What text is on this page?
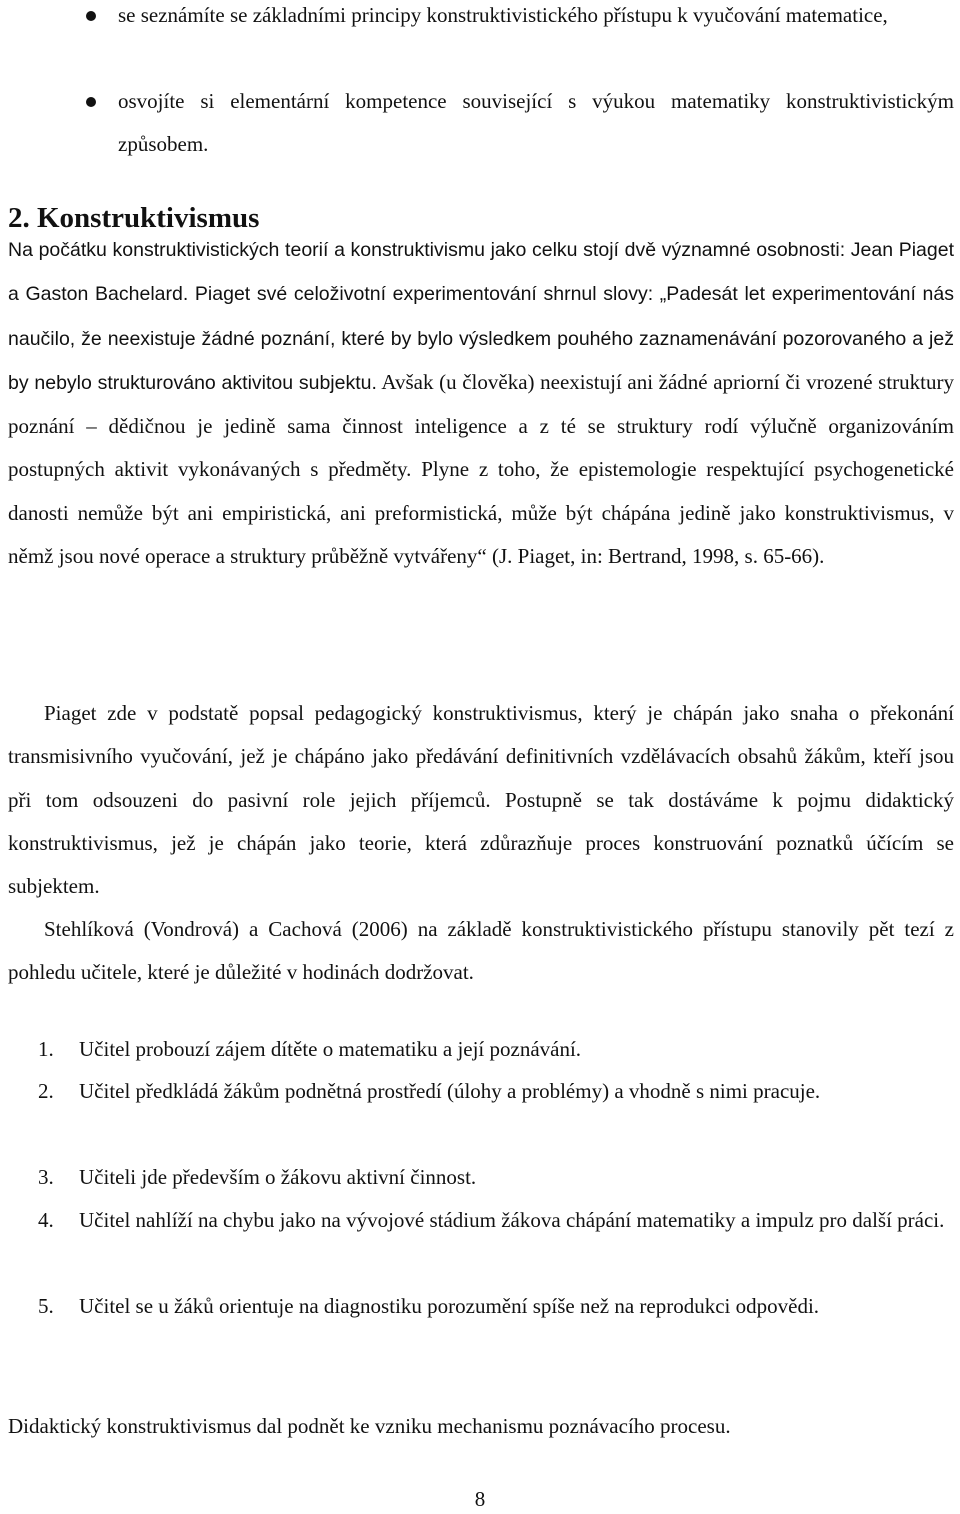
se seznámíte se základními principy konstruktivistického přístupu k vyučování matematice,
osvojíte si elementární kompetence související s výukou matematiky konstruktivistickým způsobem.
2. Konstruktivismus
Na počátku konstruktivistických teorií a konstruktivismu jako celku stojí dvě významné osobnosti: Jean Piaget a Gaston Bachelard. Piaget své celoživotní experimentování shrnul slovy: „Padesát let experimentování nás naučilo, že neexistuje žádné poznání, které by bylo výsledkem pouhého zaznamenávání pozorovaného a jež by nebylo strukturováno aktivitou subjektu. Avšak (u člověka) neexistují ani žádné apriorní či vrozené struktury poznání – dědičnou je jedině sama činnost inteligence a z té se struktury rodí výlučně organizováním postupných aktivit vykonávaných s předměty. Plyne z toho, že epistemologie respektující psychogenetické danosti nemůže být ani empiristická, ani preformistická, může být chápána jedině jako konstruktivismus, v němž jsou nové operace a struktury průběžně vytvářeny“ (J. Piaget, in: Bertrand, 1998, s. 65-66).
Piaget zde v podstatě popsal pedagogický konstruktivismus, který je chápán jako snaha o překonání transmisivního vyučování, jež je chápáno jako předávání definitivních vzdělávacích obsahů žákům, kteří jsou při tom odsouzeni do pasivní role jejich příjemců. Postupně se tak dostáváme k pojmu didaktický konstruktivismus, jež je chápán jako teorie, která zdůrazňuje proces konstruování poznatků účícím se subjektem.
Stehlíková (Vondrová) a Cachová (2006) na základě konstruktivistického přístupu stanovily pět tezí z pohledu učitele, které je důležité v hodinách dodržovat.
1.	Učitel probouzí zájem dítěte o matematiku a její poznávání.
2.	Učitel předkládá žákům podnětná prostředí (úlohy a problémy) a vhodně s nimi pracuje.
3.	Učiteli jde především o žákovu aktivní činnost.
4.	Učitel nahlíží na chybu jako na vývojové stádium žákova chápání matematiky a impulz pro další práci.
5.	Učitel se u žáků orientuje na diagnostiku porozumění spíše než na reprodukci odpovědi.
Didaktický konstruktivismus dal podnět ke vzniku mechanismu poznávacího procesu.
8
